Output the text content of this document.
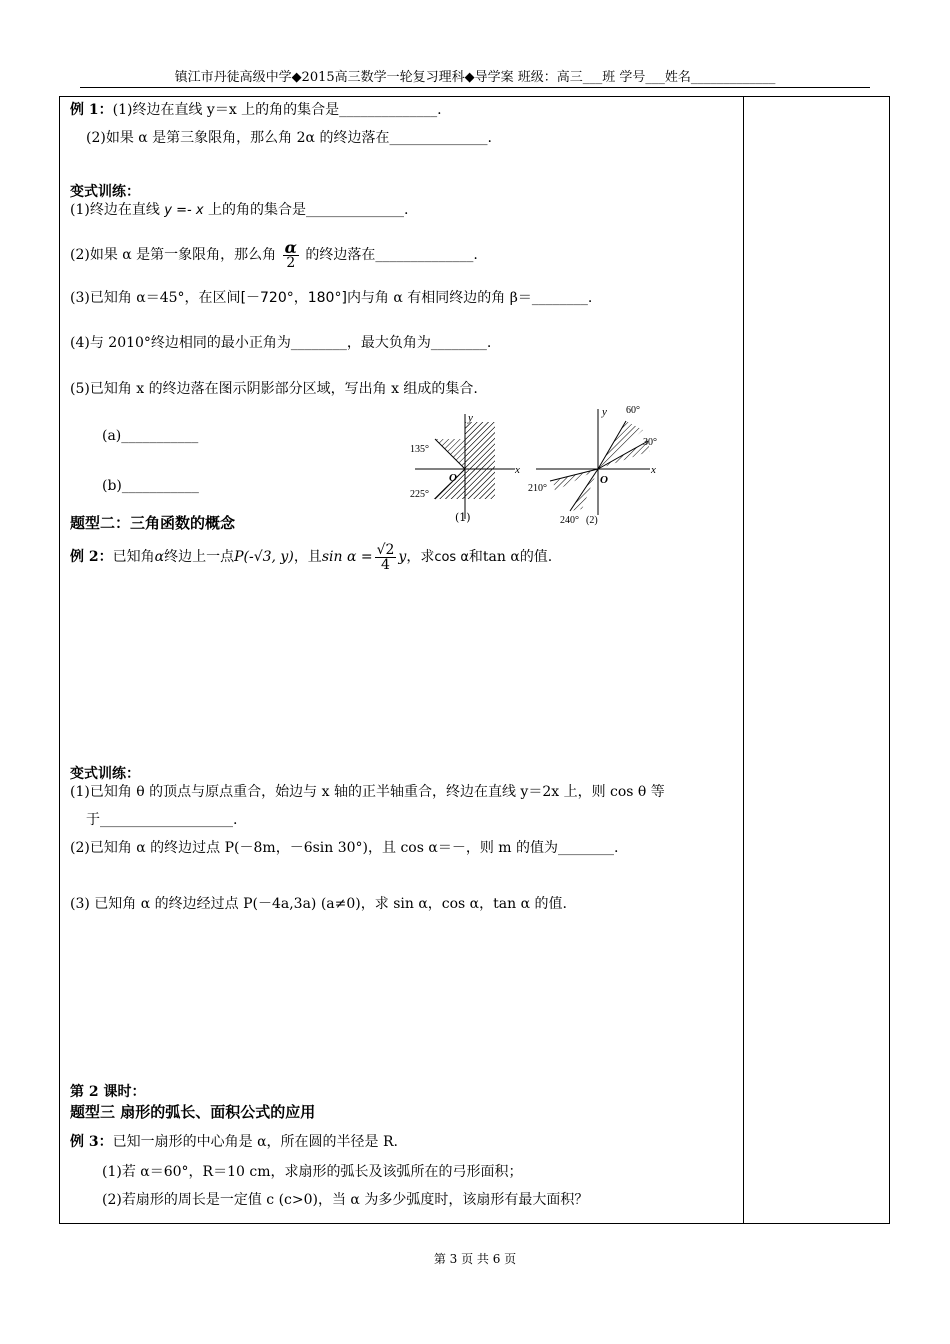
镇江市丹徒高级中学◆2015高三数学一轮复习理科◆导学案 班级：高三___班 学号___姓名_____________
例 1：(1)终边在直线 y＝x 上的角的集合是______________.
(2)如果 α 是第三象限角，那么角 2α 的终边落在______________.
变式训练：
(1)终边在直线 y =- x 上的角的集合是______________.
(2)如果 α 是第一象限角，那么角 $\frac{\alpha}{2}$ 的终边落在______________.
(3)已知角 α＝45°，在区间[－720°，180°]内与角 α 有相同终边的角 β＝________.
(4)与 2010°终边相同的最小正角为________，最大负角为________.
(5)已知角 x 的终边落在图示阴影部分区域，写出角 x 组成的集合.
(a)___________
(b)___________
y
x
O
135°
225°
(1)
y
x
O
60°
30°
210°
240° (2)
题型二：三角函数的概念
例 2：已知角α终边上一点P(-√3, y)，且$\sin \alpha = \frac{√2}{4}$ y，求cos α和tan α的值.
变式训练：
(1)已知角 θ 的顶点与原点重合，始边与 x 轴的正半轴重合，终边在直线 y＝2x 上，则 cos θ 等
于___________________.
(2)已知角 α 的终边过点 P(－8m，－6sin 30°)，且 cos α＝－，则 m 的值为________.
(3) 已知角 α 的终边经过点 P(－4a,3a) (a≠0)，求 sin α，cos α，tan α 的值.
第 2 课时：
题型三 扇形的弧长、面积公式的应用
例 3：已知一扇形的中心角是 α，所在圆的半径是 R.
(1)若 α＝60°，R＝10 cm，求扇形的弧长及该弧所在的弓形面积；
(2)若扇形的周长是一定值 c (c>0)，当 α 为多少弧度时，该扇形有最大面积？
第 3 页 共 6 页
